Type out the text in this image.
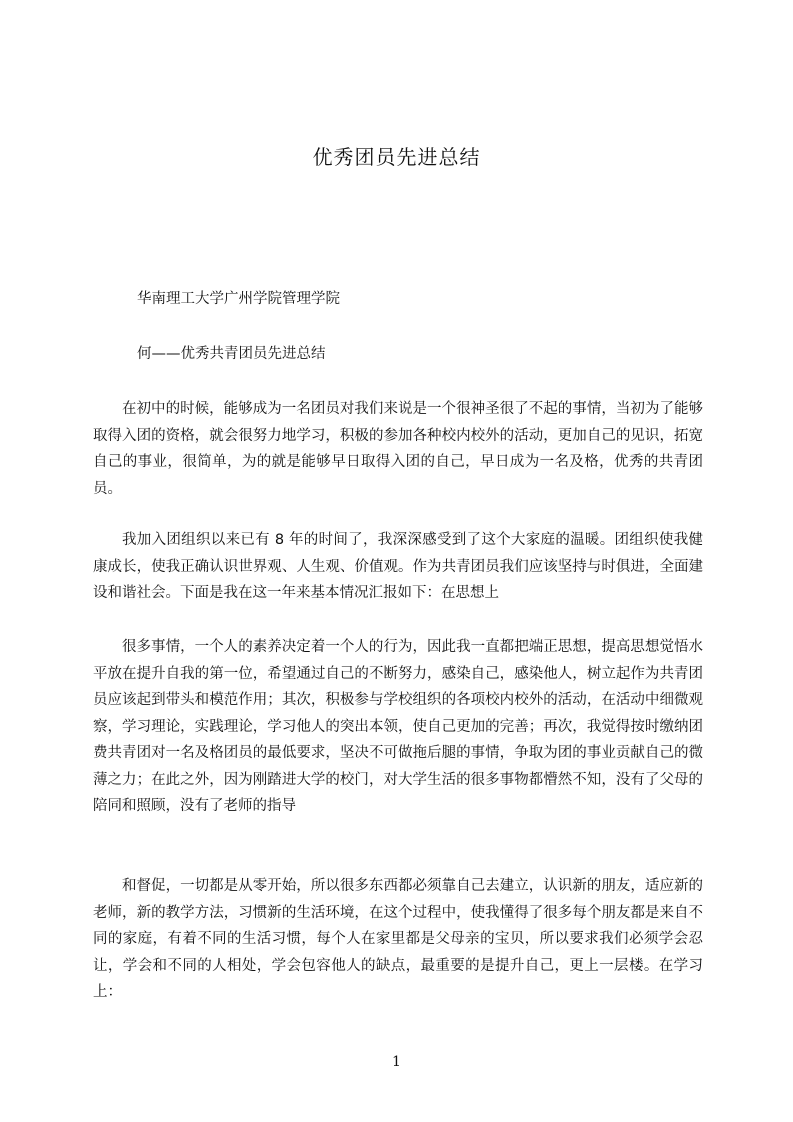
优秀团员先进总结

华南理工大学广州学院管理学院

何——优秀共青团员先进总结

在初中的时候，能够成为一名团员对我们来说是一个很神圣很了不起的事情，当初为了能够取得入团的资格，就会很努力地学习，积极的参加各种校内校外的活动，更加自己的见识，拓宽自己的事业，很简单，为的就是能够早日取得入团的自己，早日成为一名及格，优秀的共青团员。

我加入团组织以来已有 8 年的时间了，我深深感受到了这个大家庭的温暖。团组织使我健康成长，使我正确认识世界观、人生观、价值观。作为共青团员我们应该坚持与时俱进，全面建设和谐社会。下面是我在这一年来基本情况汇报如下：在思想上

很多事情，一个人的素养决定着一个人的行为，因此我一直都把端正思想，提高思想觉悟水平放在提升自我的第一位，希望通过自己的不断努力，感染自己，感染他人，树立起作为共青团员应该起到带头和模范作用；其次，积极参与学校组织的各项校内校外的活动，在活动中细微观察，学习理论，实践理论，学习他人的突出本领，使自己更加的完善；再次，我觉得按时缴纳团费共青团对一名及格团员的最低要求，坚决不可做拖后腿的事情，争取为团的事业贡献自己的微薄之力；在此之外，因为刚踏进大学的校门，对大学生活的很多事物都懵然不知，没有了父母的陪同和照顾，没有了老师的指导

和督促，一切都是从零开始，所以很多东西都必须靠自己去建立，认识新的朋友，适应新的老师，新的教学方法，习惯新的生活环境，在这个过程中，使我懂得了很多每个朋友都是来自不同的家庭，有着不同的生活习惯，每个人在家里都是父母亲的宝贝，所以要求我们必须学会忍让，学会和不同的人相处，学会包容他人的缺点，最重要的是提升自己，更上一层楼。在学习上：

1
